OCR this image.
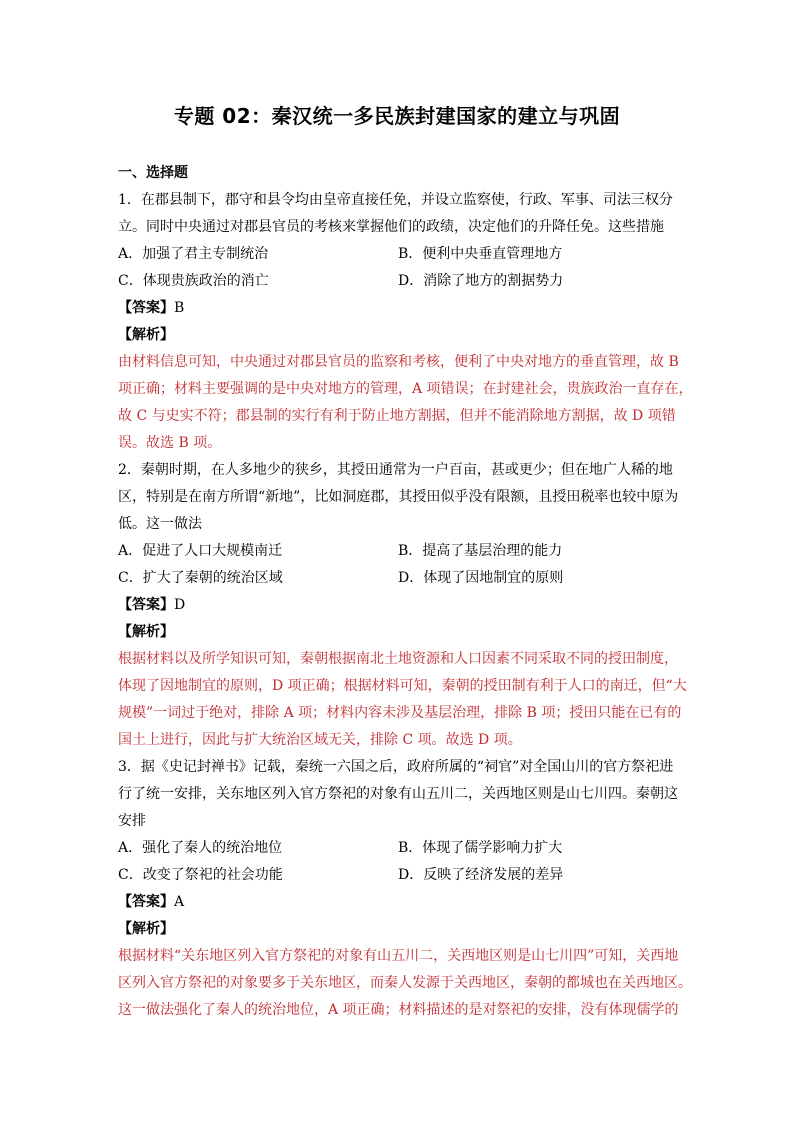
专题 02：秦汉统一多民族封建国家的建立与巩固
一、选择题
1．在郡县制下，郡守和县令均由皇帝直接任免，并设立监察使，行政、军事、司法三权分
立。同时中央通过对郡县官员的考核来掌握他们的政绩，决定他们的升降任免。这些措施
A．加强了君主专制统治	B．便利中央垂直管理地方
C．体现贵族政治的消亡	D．消除了地方的割据势力
【答案】B
【解析】
由材料信息可知，中央通过对郡县官员的监察和考核，便利了中央对地方的垂直管理，故 B
项正确；材料主要强调的是中央对地方的管理，A 项错误；在封建社会，贵族政治一直存在，
故 C 与史实不符；郡县制的实行有利于防止地方割据，但并不能消除地方割据，故 D 项错
误。故选 B 项。
2．秦朝时期，在人多地少的狭乡，其授田通常为一户百亩，甚或更少；但在地广人稀的地
区，特别是在南方所谓“新地”，比如洞庭郡，其授田似乎没有限额，且授田税率也较中原为
低。这一做法
A．促进了人口大规模南迁	B．提高了基层治理的能力
C．扩大了秦朝的统治区域	D．体现了因地制宜的原则
【答案】D
【解析】
根据材料以及所学知识可知，秦朝根据南北土地资源和人口因素不同采取不同的授田制度，
体现了因地制宜的原则，D 项正确；根据材料可知，秦朝的授田制有利于人口的南迁，但“大
规模”一词过于绝对，排除 A 项；材料内容未涉及基层治理，排除 B 项；授田只能在已有的
国土上进行，因此与扩大统治区域无关，排除 C 项。故选 D 项。
3．据《史记封禅书》记载，秦统一六国之后，政府所属的“祠官”对全国山川的官方祭祀进
行了统一安排，关东地区列入官方祭祀的对象有山五川二，关西地区则是山七川四。秦朝这
安排
A．强化了秦人的统治地位	B．体现了儒学影响力扩大
C．改变了祭祀的社会功能	D．反映了经济发展的差异
【答案】A
【解析】
根据材料“关东地区列入官方祭祀的对象有山五川二，关西地区则是山七川四”可知，关西地
区列入官方祭祀的对象要多于关东地区，而秦人发源于关西地区，秦朝的都城也在关西地区。
这一做法强化了秦人的统治地位，A 项正确；材料描述的是对祭祀的安排，没有体现儒学的
